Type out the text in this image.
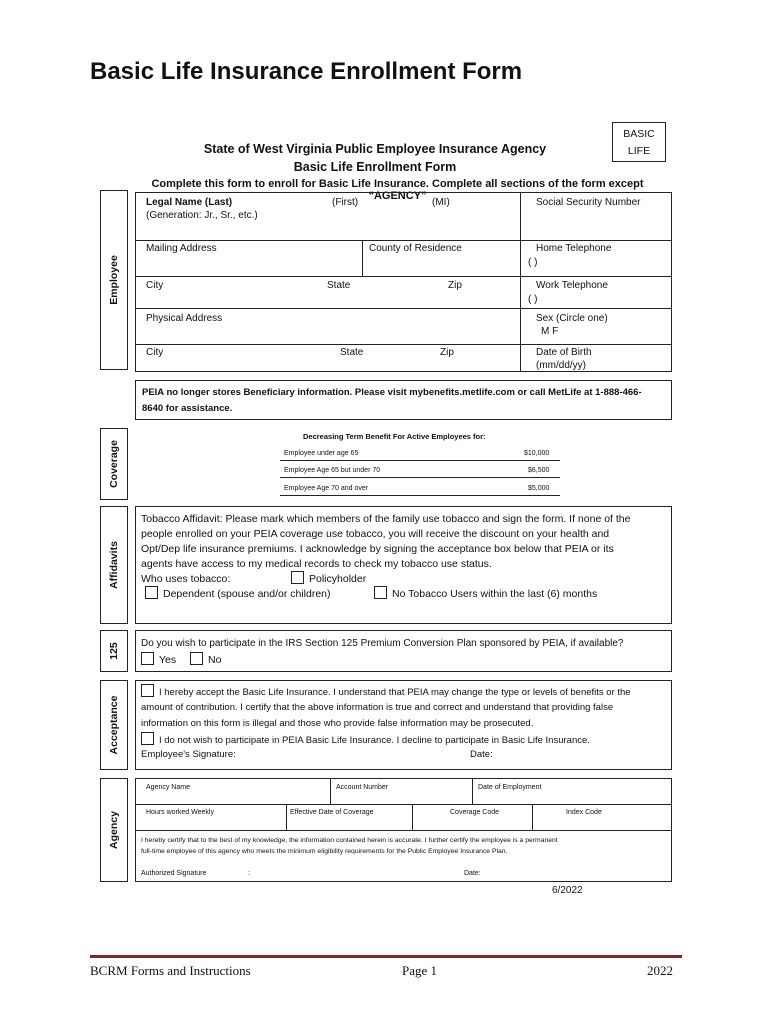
Basic Life Insurance Enrollment Form
State of West Virginia Public Employee Insurance Agency
Basic Life Enrollment Form
BASIC
LIFE
Complete this form to enroll for Basic Life Insurance. Complete all sections of the form except “AGENCY”
Employee
Legal Name (Last)
(Generation: Jr., Sr., etc.)
(First)	(MI)	Social Security Number
Mailing Address	County of Residence	Home Telephone
( )
City	State	Zip	Work Telephone
( )
Physical Address	Sex (Circle one)
M F
City	State	Zip	Date of Birth
(mm/dd/yy)
PEIA no longer stores Beneficiary information. Please visit mybenefits.metlife.com or call MetLife at 1-888-466-
8640 for assistance.
Coverage
Decreasing Term Benefit For Active Employees for:
Employee under age 65	$10,000
Employee Age 65 but under 70	$6,500
Employee Age 70 and over	$5,000
Affidavits
Tobacco Affidavit: Please mark which members of the family use tobacco and sign the form. If none of the
people enrolled on your PEIA coverage use tobacco, you will receive the discount on your health and
Opt/Dep life insurance premiums. I acknowledge by signing the acceptance box below that PEIA or its
agents have access to my medical records to check my tobacco use status.
Who uses tobacco:	Policyholder
Dependent (spouse and/or children)	No Tobacco Users within the last (6) months
125 Do you wish to participate in the IRS Section 125 Premium Conversion Plan sponsored by PEIA, if available?
Yes	No
Acceptance
I hereby accept the Basic Life Insurance. I understand that PEIA may change the type or levels of benefits or the
amount of contribution. I certify that the above information is true and correct and understand that providing false
information on this form is illegal and those who provide false information may be prosecuted.
I do not wish to participate in PEIA Basic Life Insurance. I decline to participate in Basic Life Insurance.
Employee's Signature:	Date:
Agency
Agency Name	Account Number	Date of Employment
Hours worked Weekly	Effective Date of Coverage	Coverage Code	Index Code
I hereby certify that to the best of my knowledge, the information contained herein is accurate. I further certify the employee is a permanent
full-time employee of this agency who meets the minimum eligibility requirements for the Public Employee Insurance Plan.
Authorized Signature	:	Date:
6/2022
BCRM Forms and Instructions	Page 1	2022
